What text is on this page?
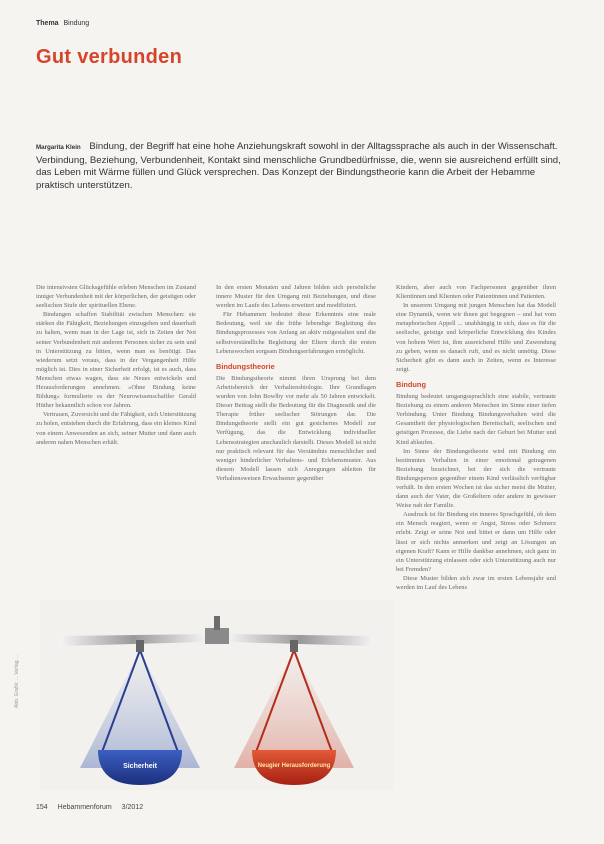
Thema Bindung
Gut verbunden
Margarita Klein Bindung, der Begriff hat eine hohe Anziehungskraft sowohl in der Alltagssprache als auch in der Wissenschaft. Verbindung, Beziehung, Verbundenheit, Kontakt sind menschliche Grundbedürfnisse, die, wenn sie ausreichend erfüllt sind, das Leben mit Wärme füllen und Glück versprechen. Das Konzept der Bindungstheorie kann die Arbeit der Hebamme praktisch unterstützen.

Die intensivsten Glücksgefühle erleben Menschen im Zustand inniger Verbundenheit mit der körperlichen, der geistigen oder seelischen Stufe der spirituellen Ebene.

Bindungen schaffen Stabilität zwischen Menschen: sie stärken die Fähigkeit, Beziehungen einzugehen und dauerhaft zu halten, wenn man in der Lage ist, sich in Zeiten der Not seiner Verbundenheit mit anderen Personen sicher zu sein und in Unterstützung zu bitten, wenn man es benötigt. Das wiederum setzt voraus, dass in der Vergangenheit Hilfe möglich ist. Dies in einer Sicherheit erfolgt, ist es auch, dass Menschen etwas wagen, dass sie Neues entwickeln und Herausforderungen annehmen. »Ohne Bindung keine Bildung« formulierte es der Neurowissenschaftler Gerald Hüther bekanntlich schon vor Jahren.

Vertrauen, Zuversicht und die Fähigkeit, sich Unterstützung zu holen, entstehen durch die Erfahrung, dass ein kleines Kind von einem Anwesenden an sich, seiner Mutter und dann auch anderen nahen Menschen erhält.

In den ersten Monaten und Jahren bilden sich persönliche innere Muster für den Umgang mit Beziehungen, und diese werden im Laufe des Lebens erweitert und modifiziert.

Für Hebammen bedeutet diese Erkenntnis eine reale Bedeutung, weil sie die frühe lebendige Begleitung des Bindungsprozesses von Anfang an aktiv mitgestalten und die selbstverständliche Begleitung der Eltern durch die ersten Lebenswochen sorgsam Bindungserfahrungen ermöglicht.

Bindungstheorie

Die Bindungstheorie nimmt ihren Ursprung bei dem Arbeitsbereich der Verhaltensbiologie. Ihre Grundlagen wurden von John Bowlby vor mehr als 50 Jahren entwickelt. Dieser Beitrag stellt die Bedeutung für die Diagnostik und die Therapie früher seelischer Störungen dar. Die Bindungstheorie stellt ein gut gesichertes Modell zur Verfügung, das die Entwicklung individueller Lebensstrategien anschaulich darstellt. Dieses Modell ist nicht nur praktisch relevant für das Verständnis menschlicher und weniger hinderlicher Verhaltens- und Erlebensmuster. Aus diesem Modell lassen sich Anregungen ableiten für Verhaltensweisen Erwachsener gegenüber

Kindern, aber auch von Fachpersonen gegenüber ihren Klientinnen und Klienten oder Patientinnen und Patienten.

In unserem Umgang mit jungen Menschen hat das Modell eine Dynamik, wenn wir ihnen gut begegnen – und hat vom metaphorischen Appell ... unabhängig in sich, dass es für die seelische, geistige und körperliche Entwicklung des Kindes von hohem Wert ist, ihm ausreichend Hilfe und Zuwendung zu geben, wenn es danach ruft, und es nicht unnötig. Diese Sicherheit gibt es dann auch in Zeiten, wenn es Interesse zeigt.

Bindung

Bindung bedeutet umgangssprachlich eine stabile, vertraute Beziehung zu einem anderen Menschen im Sinne einer tiefen Verbindung. Unter Bindung Bindungsverhalten wird die Gesamtheit der physiologischen Bereitschaft, seelischen und geistigen Prozesse, die Liebe nach der Geburt bei Mutter und Kind ablaufen.

Im Sinne der Bindungstheorie wird mit Bindung ein bestimmtes Verhalten in einer emotional getragenen Beziehung bezeichnet, bei der sich die vertraute Bindungsperson gegenüber einem Kind verlässlich verfügbar verhält. In den ersten Wochen ist das sicher meist die Mutter, dann auch der Vater, die Großeltern oder andere in gewisser Weise nah der Familie.

Ausdruck ist für Bindung ein inneres Sprachgefühl, ob dem ein Mensch reagiert, wenn er Angst, Stress oder Schmerz erlebt. Zeigt er seine Not und bittet er dann um Hilfe oder lässt er sich nichts anmerken und zeigt an Lösungen an eigenen Kraft? Kann er Hilfe dankbar annehmen, sich ganz in ein Unterstützung einlassen oder sich Unterstützung auch nur bei Fremden?

Diese Muster bilden sich zwar im ersten Lebensjahr und werden im Lauf des Lebens

Sicherheit	Neugier Herausforderung
Abb. Grafik: ... Verlag ...
154 Hebammenforum 3/2012
